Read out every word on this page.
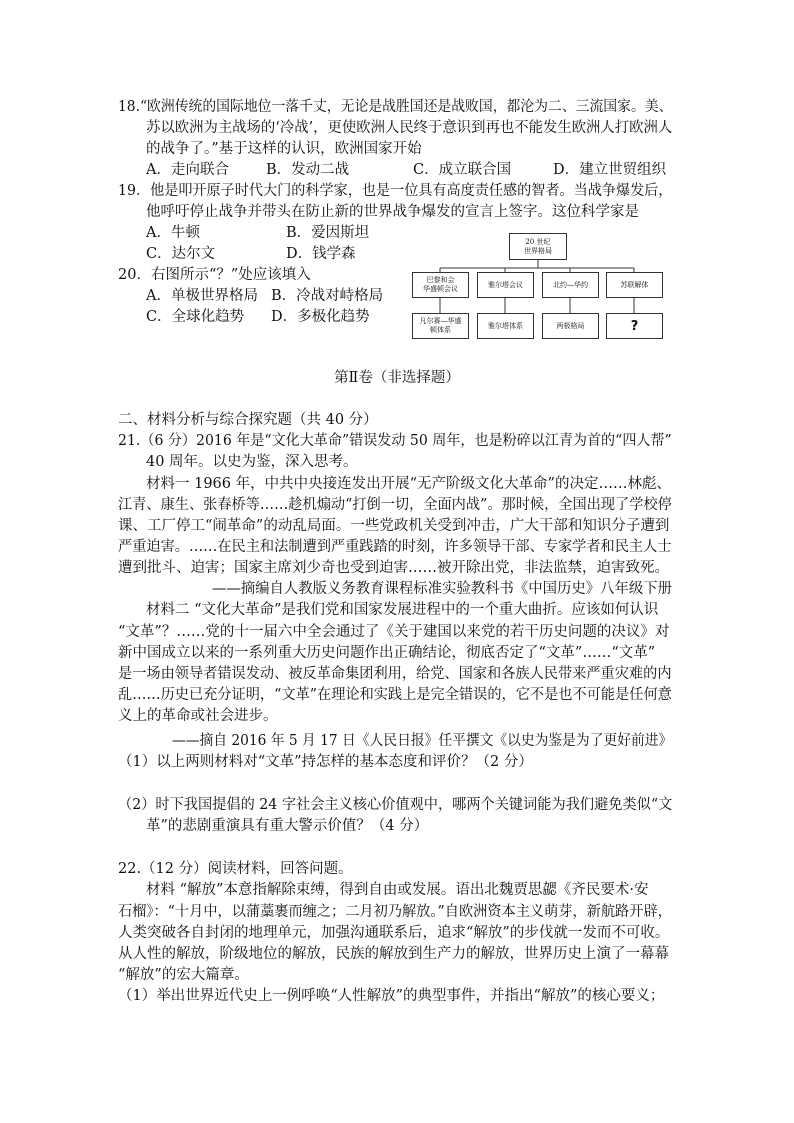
18.“欧洲传统的国际地位一落千丈，无论是战胜国还是战败国，都沦为二、三流国家。美、
苏以欧洲为主战场的‘冷战’，更使欧洲人民终于意识到再也不能发生欧洲人打欧洲人
的战争了。”基于这样的认识，欧洲国家开始
A．走向联合	B．发动二战	C．成立联合国	D．建立世贸组织
19．他是叩开原子时代大门的科学家，也是一位具有高度责任感的智者。当战争爆发后，
他呼吁停止战争并带头在防止新的世界战争爆发的宣言上签字。这位科学家是
A．牛顿	B．爱因斯坦
C．达尔文	D．钱学森
20．右图所示“？”处应该填入
A．单极世界格局 B．冷战对峙格局
C．全球化趋势 D．多极化趋势
20 世纪
世界格局
巴黎和会
华盛顿会议
雅尔塔会议	北约—华约	苏联解体
凡尔赛—华盛
顿体系
雅尔塔体系	两极格局	?
第Ⅱ卷（非选择题）
二、材料分析与综合探究题（共 40 分）
21.（6 分）2016 年是“文化大革命”错误发动 50 周年，也是粉碎以江青为首的“四人帮”
40 周年。以史为鉴，深入思考。
材料一 1966 年，中共中央接连发出开展“无产阶级文化大革命”的决定……林彪、
江青、康生、张春桥等……趁机煽动“打倒一切，全面内战”。那时候，全国出现了学校停
课、工厂停工“闹革命”的动乱局面。一些党政机关受到冲击，广大干部和知识分子遭到
严重迫害。……在民主和法制遭到严重践踏的时刻，许多领导干部、专家学者和民主人士
遭到批斗、迫害；国家主席刘少奇也受到迫害……被开除出党，非法监禁，迫害致死。
——摘编自人教版义务教育课程标准实验教科书《中国历史》八年级下册
材料二 “文化大革命”是我们党和国家发展进程中的一个重大曲折。应该如何认识
“文革”？……党的十一届六中全会通过了《关于建国以来党的若干历史问题的决议》对
新中国成立以来的一系列重大历史问题作出正确结论，彻底否定了“文革”……“文革”
是一场由领导者错误发动、被反革命集团利用，给党、国家和各族人民带来严重灾难的内
乱……历史已充分证明，“文革”在理论和实践上是完全错误的，它不是也不可能是任何意
义上的革命或社会进步。
——摘自 2016 年 5 月 17 日《人民日报》任平撰文《以史为鉴是为了更好前进》
（1）以上两则材料对“文革”持怎样的基本态度和评价？（2 分）
（2）时下我国提倡的 24 字社会主义核心价值观中，哪两个关键词能为我们避免类似“文
革”的悲剧重演具有重大警示价值？（4 分）
22.（12 分）阅读材料，回答问题。
材料 “解放”本意指解除束缚，得到自由或发展。语出北魏贾思勰《齐民要术·安
石榴》：“十月中，以蒲藁裹而缠之；二月初乃解放。”自欧洲资本主义萌芽，新航路开辟，
人类突破各自封闭的地理单元，加强沟通联系后，追求“解放”的步伐就一发而不可收。
从人性的解放，阶级地位的解放，民族的解放到生产力的解放，世界历史上演了一幕幕
“解放”的宏大篇章。
（1）举出世界近代史上一例呼唤“人性解放”的典型事件，并指出“解放”的核心要义；
